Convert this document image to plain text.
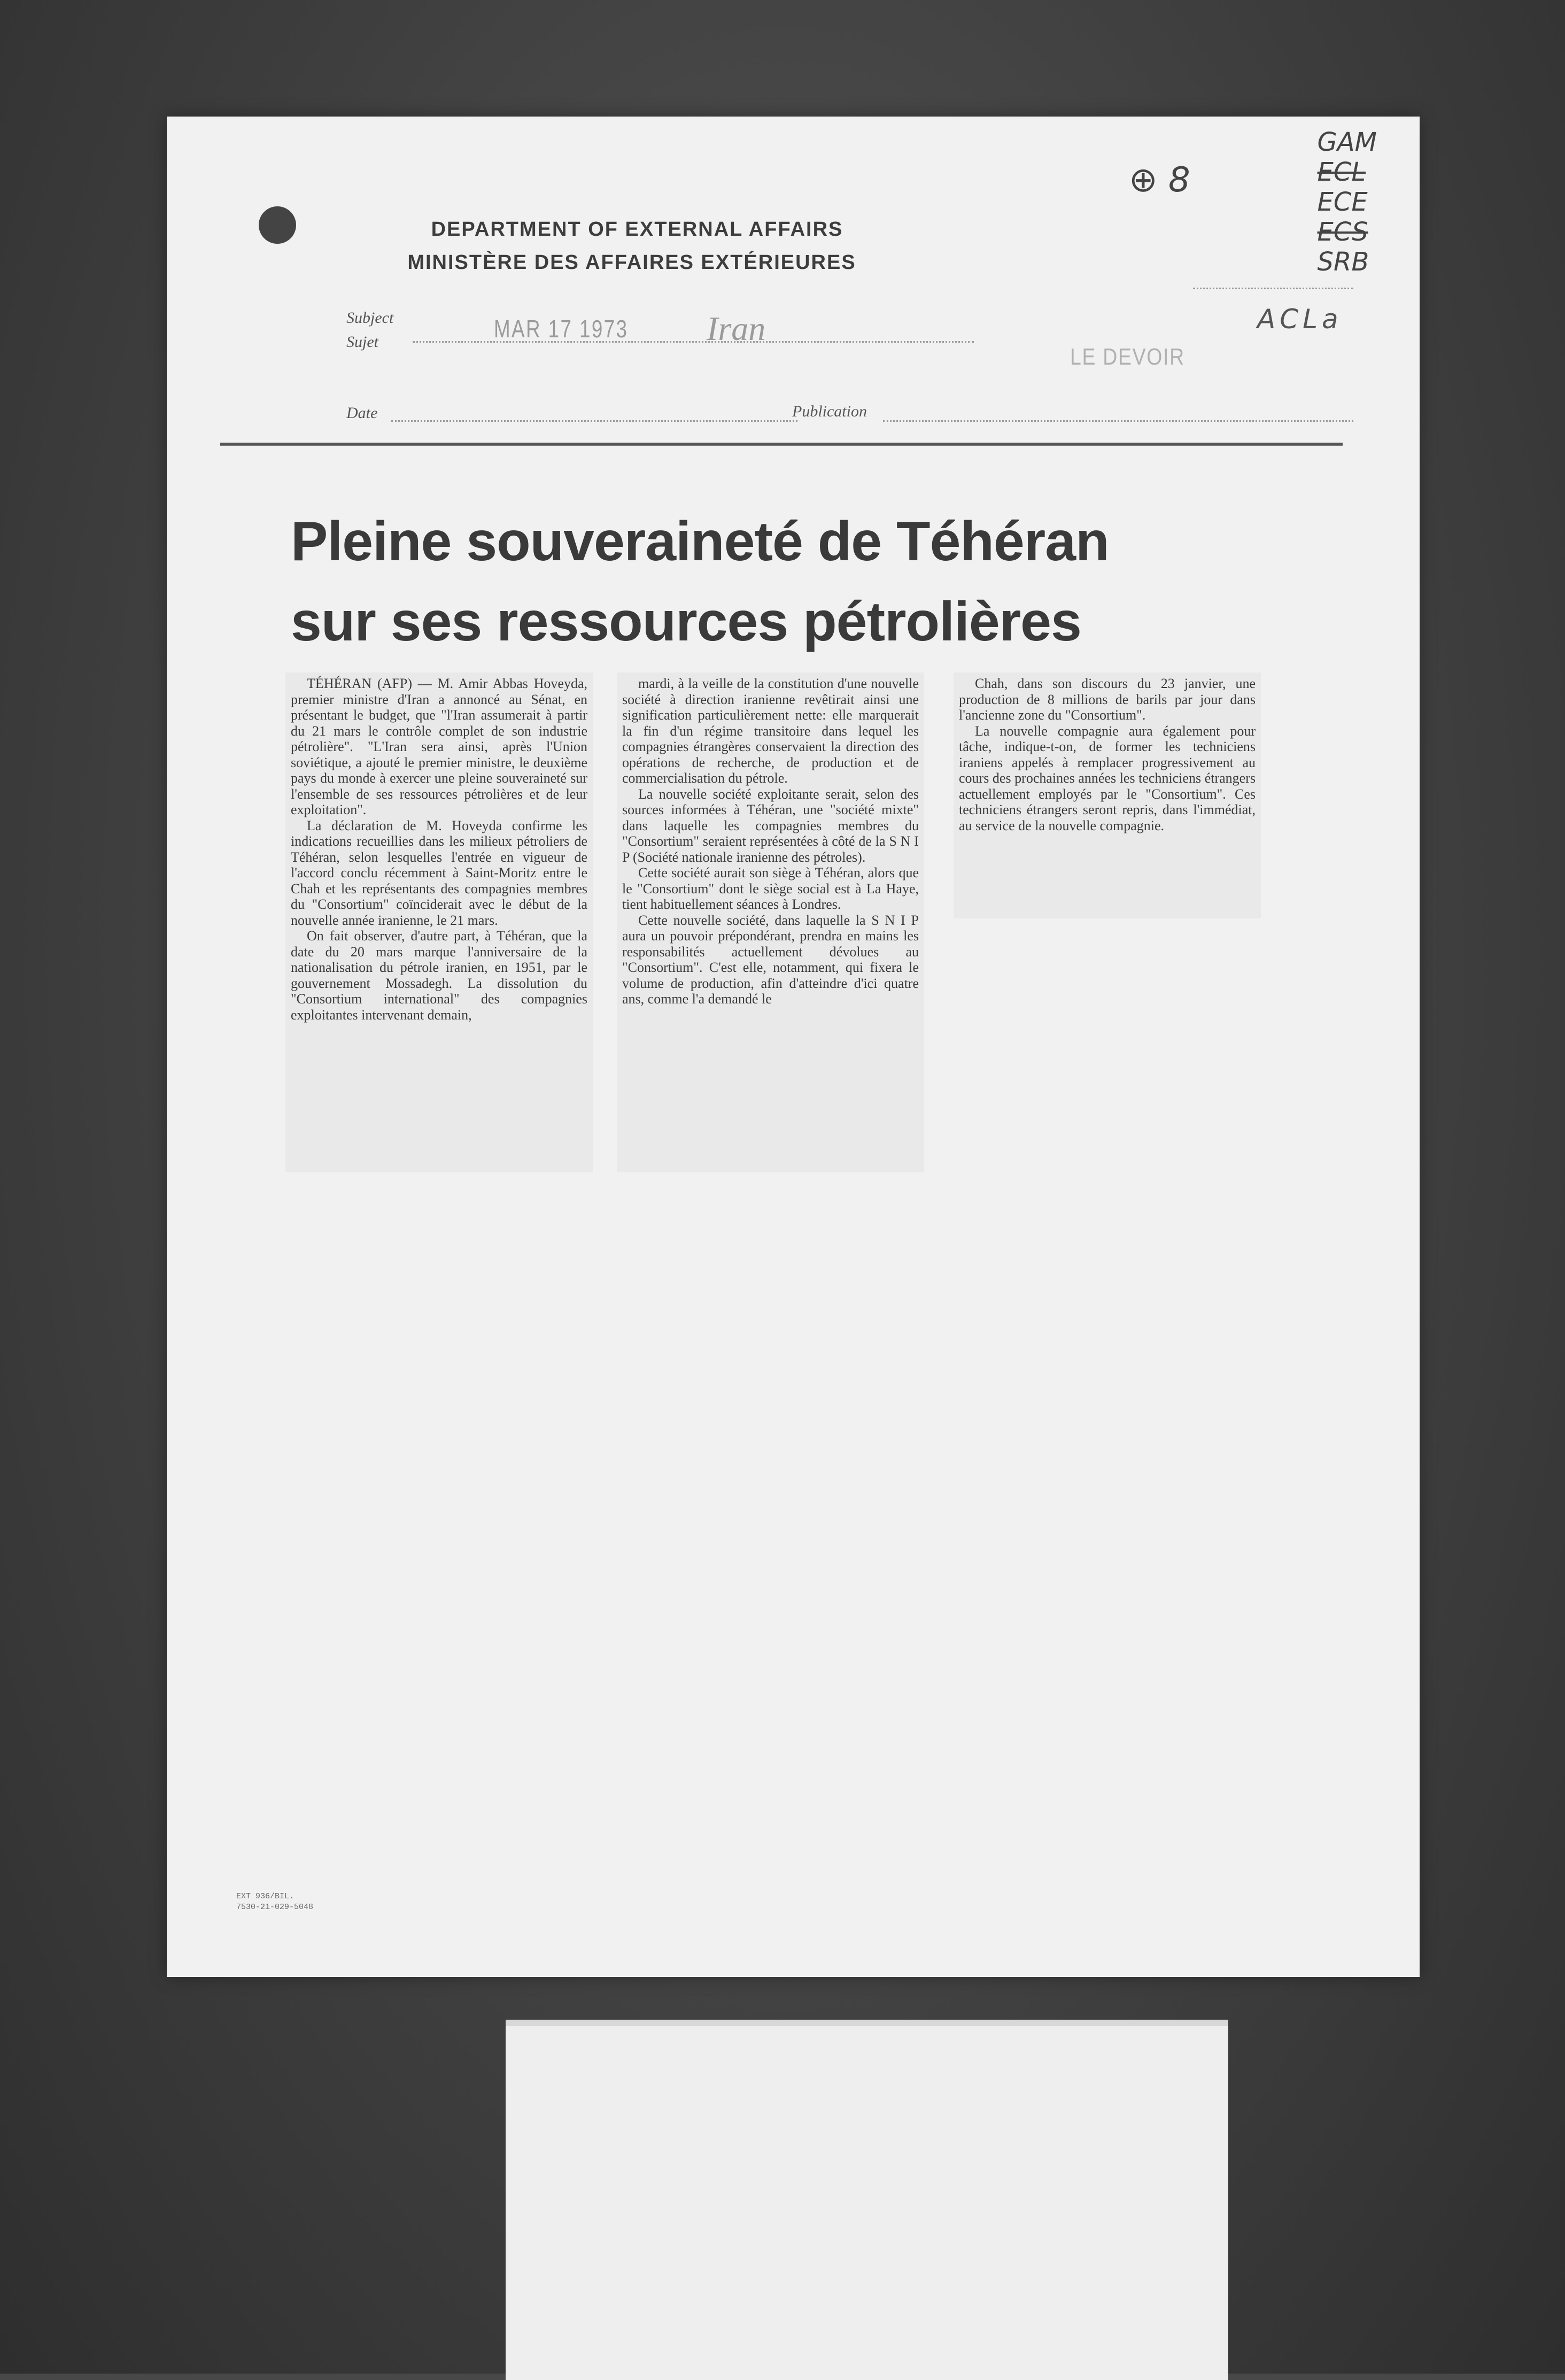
DEPARTMENT OF EXTERNAL AFFAIRS
MINISTÈRE DES AFFAIRES EXTÉRIEURES
⊕ 8
GAM
ECL
ECE
ECS
SRB
ACLa
Subject
Sujet	MAR 17 1973 Iran
LE DEVOIR
Date	Publication
Pleine souveraineté de Téhéran
sur ses ressources pétrolières

TÉHÉRAN (AFP) — M. Amir Abbas Hoveyda, premier ministre d'Iran a annoncé au Sénat, en présentant le budget, que "l'Iran assumerait à partir du 21 mars le contrôle complet de son industrie pétrolière". "L'Iran sera ainsi, après l'Union soviétique, a ajouté le premier ministre, le deuxième pays du monde à exercer une pleine souveraineté sur l'ensemble de ses ressources pétrolières et de leur exploitation".

La déclaration de M. Hoveyda confirme les indications recueillies dans les milieux pétroliers de Téhéran, selon lesquelles l'entrée en vigueur de l'accord conclu récemment à Saint-Moritz entre le Chah et les représentants des compagnies membres du "Consortium" coïnciderait avec le début de la nouvelle année iranienne, le 21 mars.

On fait observer, d'autre part, à Téhéran, que la date du 20 mars marque l'anniversaire de la nationalisation du pétrole iranien, en 1951, par le gouvernement Mossadegh. La dissolution du "Consortium international" des compagnies exploitantes intervenant demain,

mardi, à la veille de la constitution d'une nouvelle société à direction iranienne revêtirait ainsi une signification particulièrement nette: elle marquerait la fin d'un régime transitoire dans lequel les compagnies étrangères conservaient la direction des opérations de recherche, de production et de commercialisation du pétrole.

La nouvelle société exploitante serait, selon des sources informées à Téhéran, une "société mixte" dans laquelle les compagnies membres du "Consortium" seraient représentées à côté de la S N I P (Société nationale iranienne des pétroles).

Cette société aurait son siège à Téhéran, alors que le "Consortium" dont le siège social est à La Haye, tient habituellement séances à Londres.

Cette nouvelle société, dans laquelle la S N I P aura un pouvoir prépondérant, prendra en mains les responsabilités actuellement dévolues au "Consortium". C'est elle, notamment, qui fixera le volume de production, afin d'atteindre d'ici quatre ans, comme l'a demandé le

Chah, dans son discours du 23 janvier, une production de 8 millions de barils par jour dans l'ancienne zone du "Consortium".

La nouvelle compagnie aura également pour tâche, indique-t-on, de former les techniciens iraniens appelés à remplacer progressivement au cours des prochaines années les techniciens étrangers actuellement employés par le "Consortium". Ces techniciens étrangers seront repris, dans l'immédiat, au service de la nouvelle compagnie.

EXT 936/BIL.
7530-21-029-5048
